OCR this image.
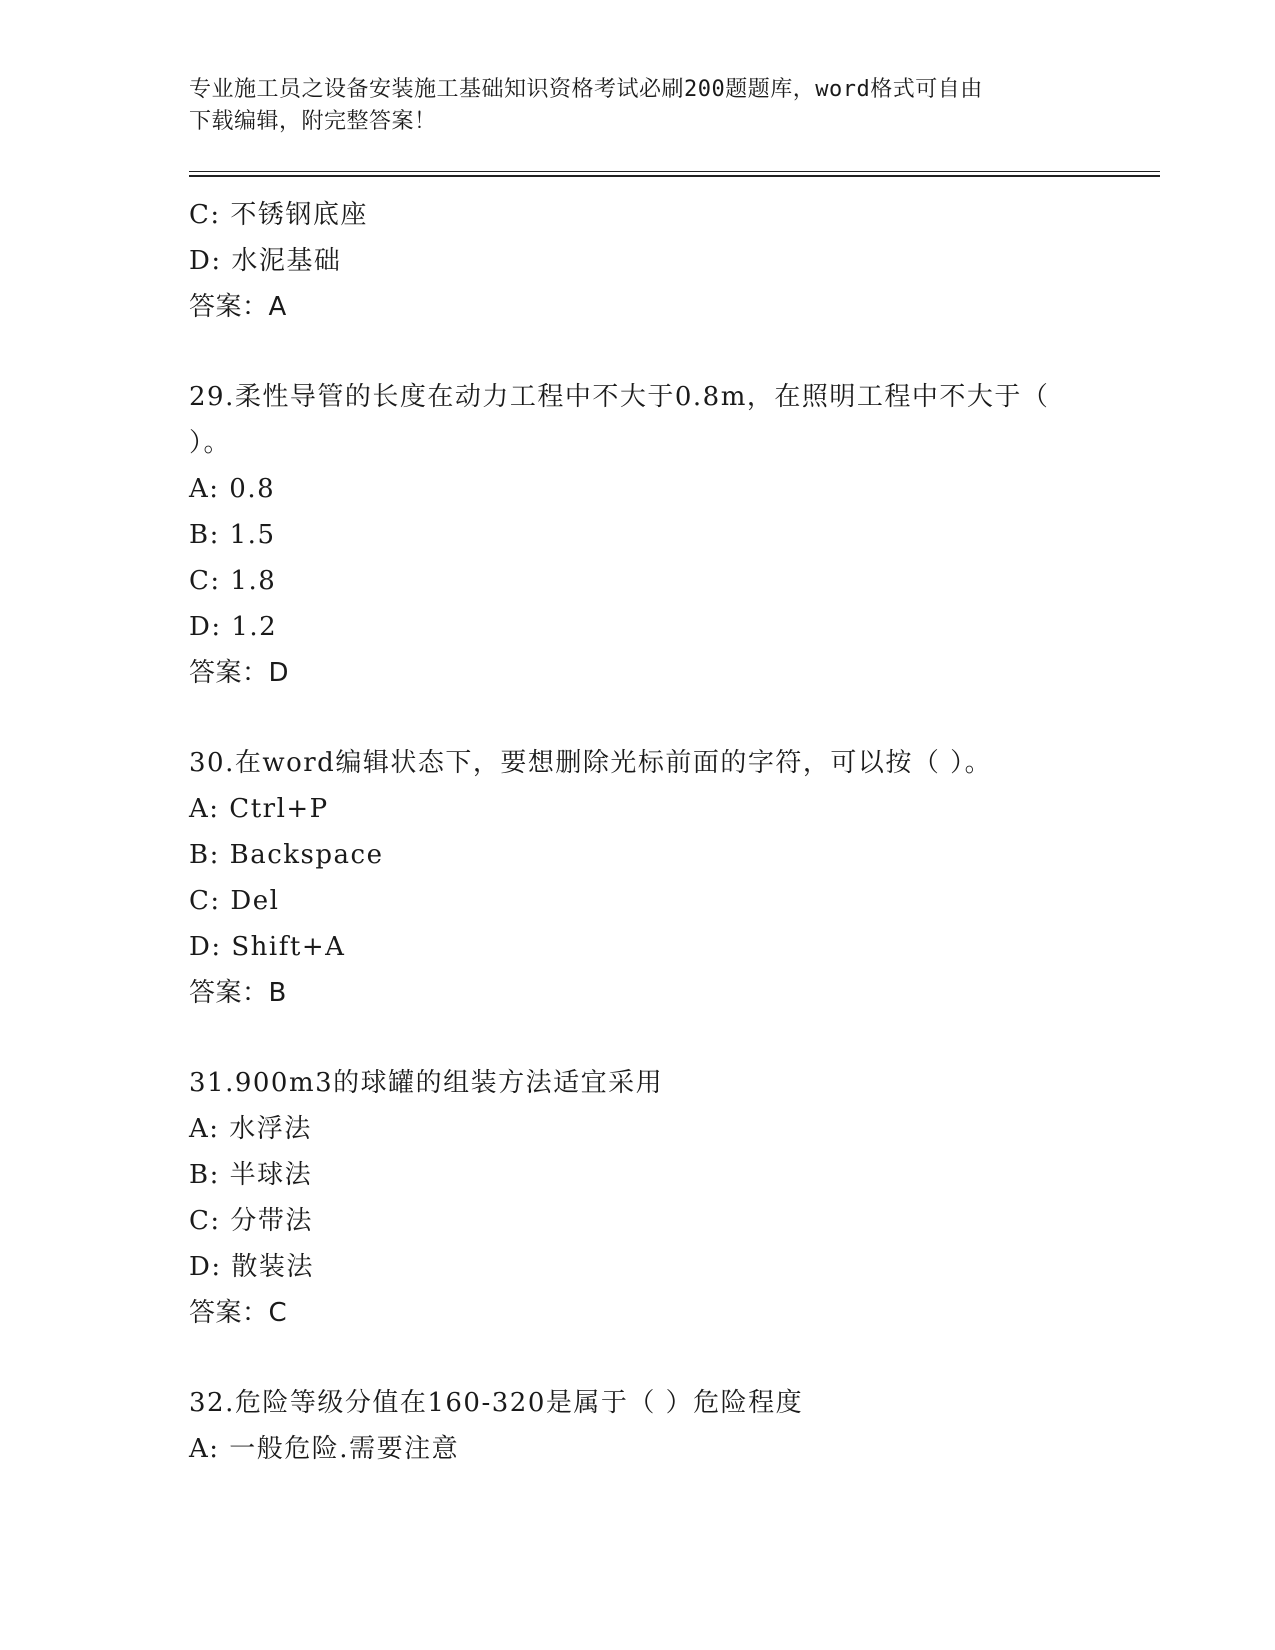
专业施工员之设备安装施工基础知识资格考试必刷200题题库，word格式可自由
下载编辑，附完整答案！
C: 不锈钢底座
D: 水泥基础
答案：A
29.柔性导管的长度在动力工程中不大于0.8m，在照明工程中不大于（
）。
A: 0.8
B: 1.5
C: 1.8
D: 1.2
答案：D
30.在word编辑状态下，要想删除光标前面的字符，可以按（ ）。
A: Ctrl+P
B: Backspace
C: Del
D: Shift+A
答案：B
31.900m3的球罐的组装方法适宜采用
A: 水浮法
B: 半球法
C: 分带法
D: 散装法
答案：C
32.危险等级分值在160-320是属于（ ）危险程度
A: 一般危险.需要注意
